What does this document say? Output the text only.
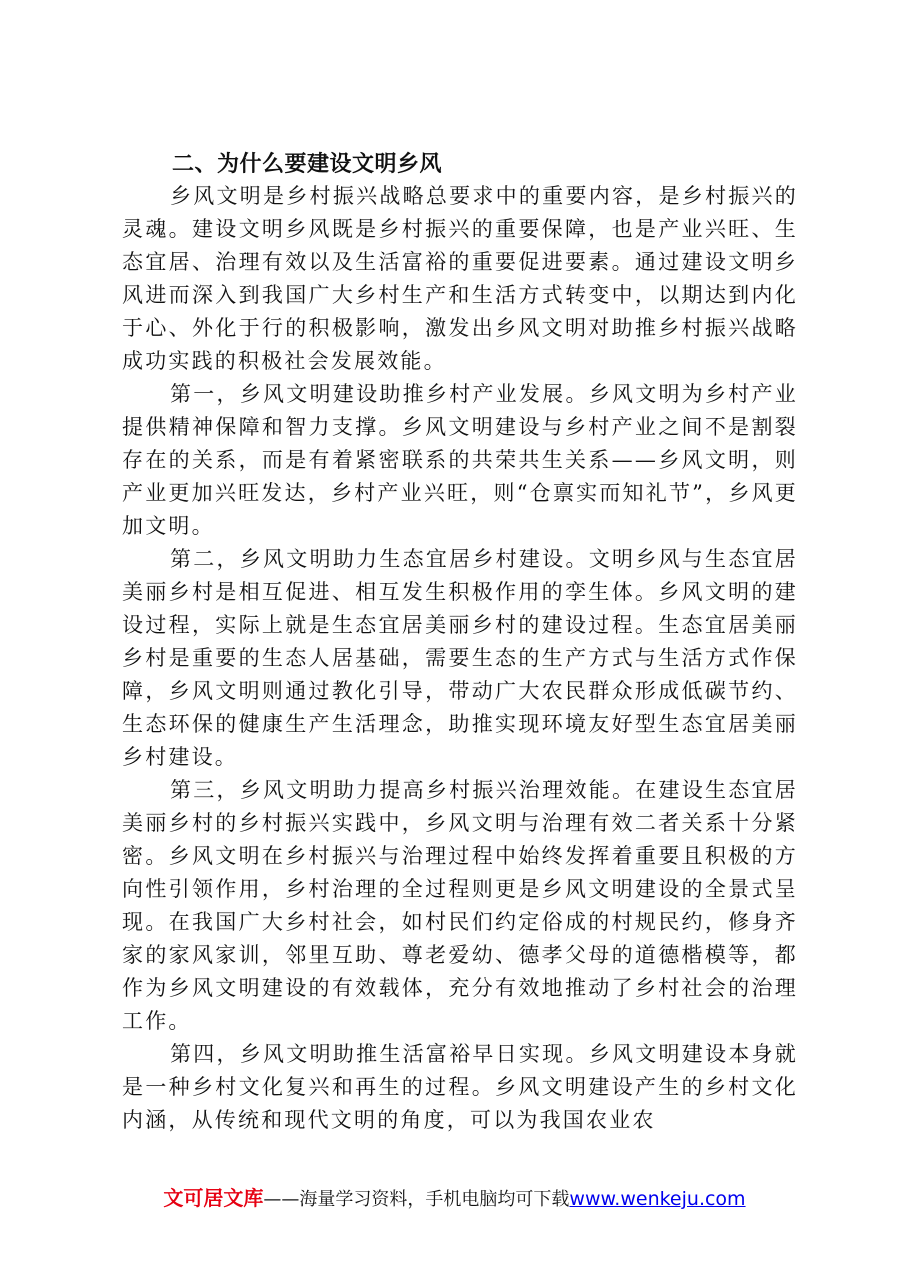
二、为什么要建设文明乡风

乡风文明是乡村振兴战略总要求中的重要内容，是乡村振兴的灵魂。建设文明乡风既是乡村振兴的重要保障，也是产业兴旺、生态宜居、治理有效以及生活富裕的重要促进要素。通过建设文明乡风进而深入到我国广大乡村生产和生活方式转变中，以期达到内化于心、外化于行的积极影响，激发出乡风文明对助推乡村振兴战略成功实践的积极社会发展效能。

第一，乡风文明建设助推乡村产业发展。乡风文明为乡村产业提供精神保障和智力支撑。乡风文明建设与乡村产业之间不是割裂存在的关系，而是有着紧密联系的共荣共生关系——乡风文明，则产业更加兴旺发达，乡村产业兴旺，则“仓禀实而知礼节”，乡风更加文明。

第二，乡风文明助力生态宜居乡村建设。文明乡风与生态宜居美丽乡村是相互促进、相互发生积极作用的孪生体。乡风文明的建设过程，实际上就是生态宜居美丽乡村的建设过程。生态宜居美丽乡村是重要的生态人居基础，需要生态的生产方式与生活方式作保障，乡风文明则通过教化引导，带动广大农民群众形成低碳节约、生态环保的健康生产生活理念，助推实现环境友好型生态宜居美丽乡村建设。

第三，乡风文明助力提高乡村振兴治理效能。在建设生态宜居美丽乡村的乡村振兴实践中，乡风文明与治理有效二者关系十分紧密。乡风文明在乡村振兴与治理过程中始终发挥着重要且积极的方向性引领作用，乡村治理的全过程则更是乡风文明建设的全景式呈现。在我国广大乡村社会，如村民们约定俗成的村规民约，修身齐家的家风家训，邻里互助、尊老爱幼、德孝父母的道德楷模等，都作为乡风文明建设的有效载体，充分有效地推动了乡村社会的治理工作。

第四，乡风文明助推生活富裕早日实现。乡风文明建设本身就是一种乡村文化复兴和再生的过程。乡风文明建设产生的乡村文化内涵，从传统和现代文明的角度，可以为我国农业农

文可居文库——海量学习资料，手机电脑均可下载www.wenkeju.com
